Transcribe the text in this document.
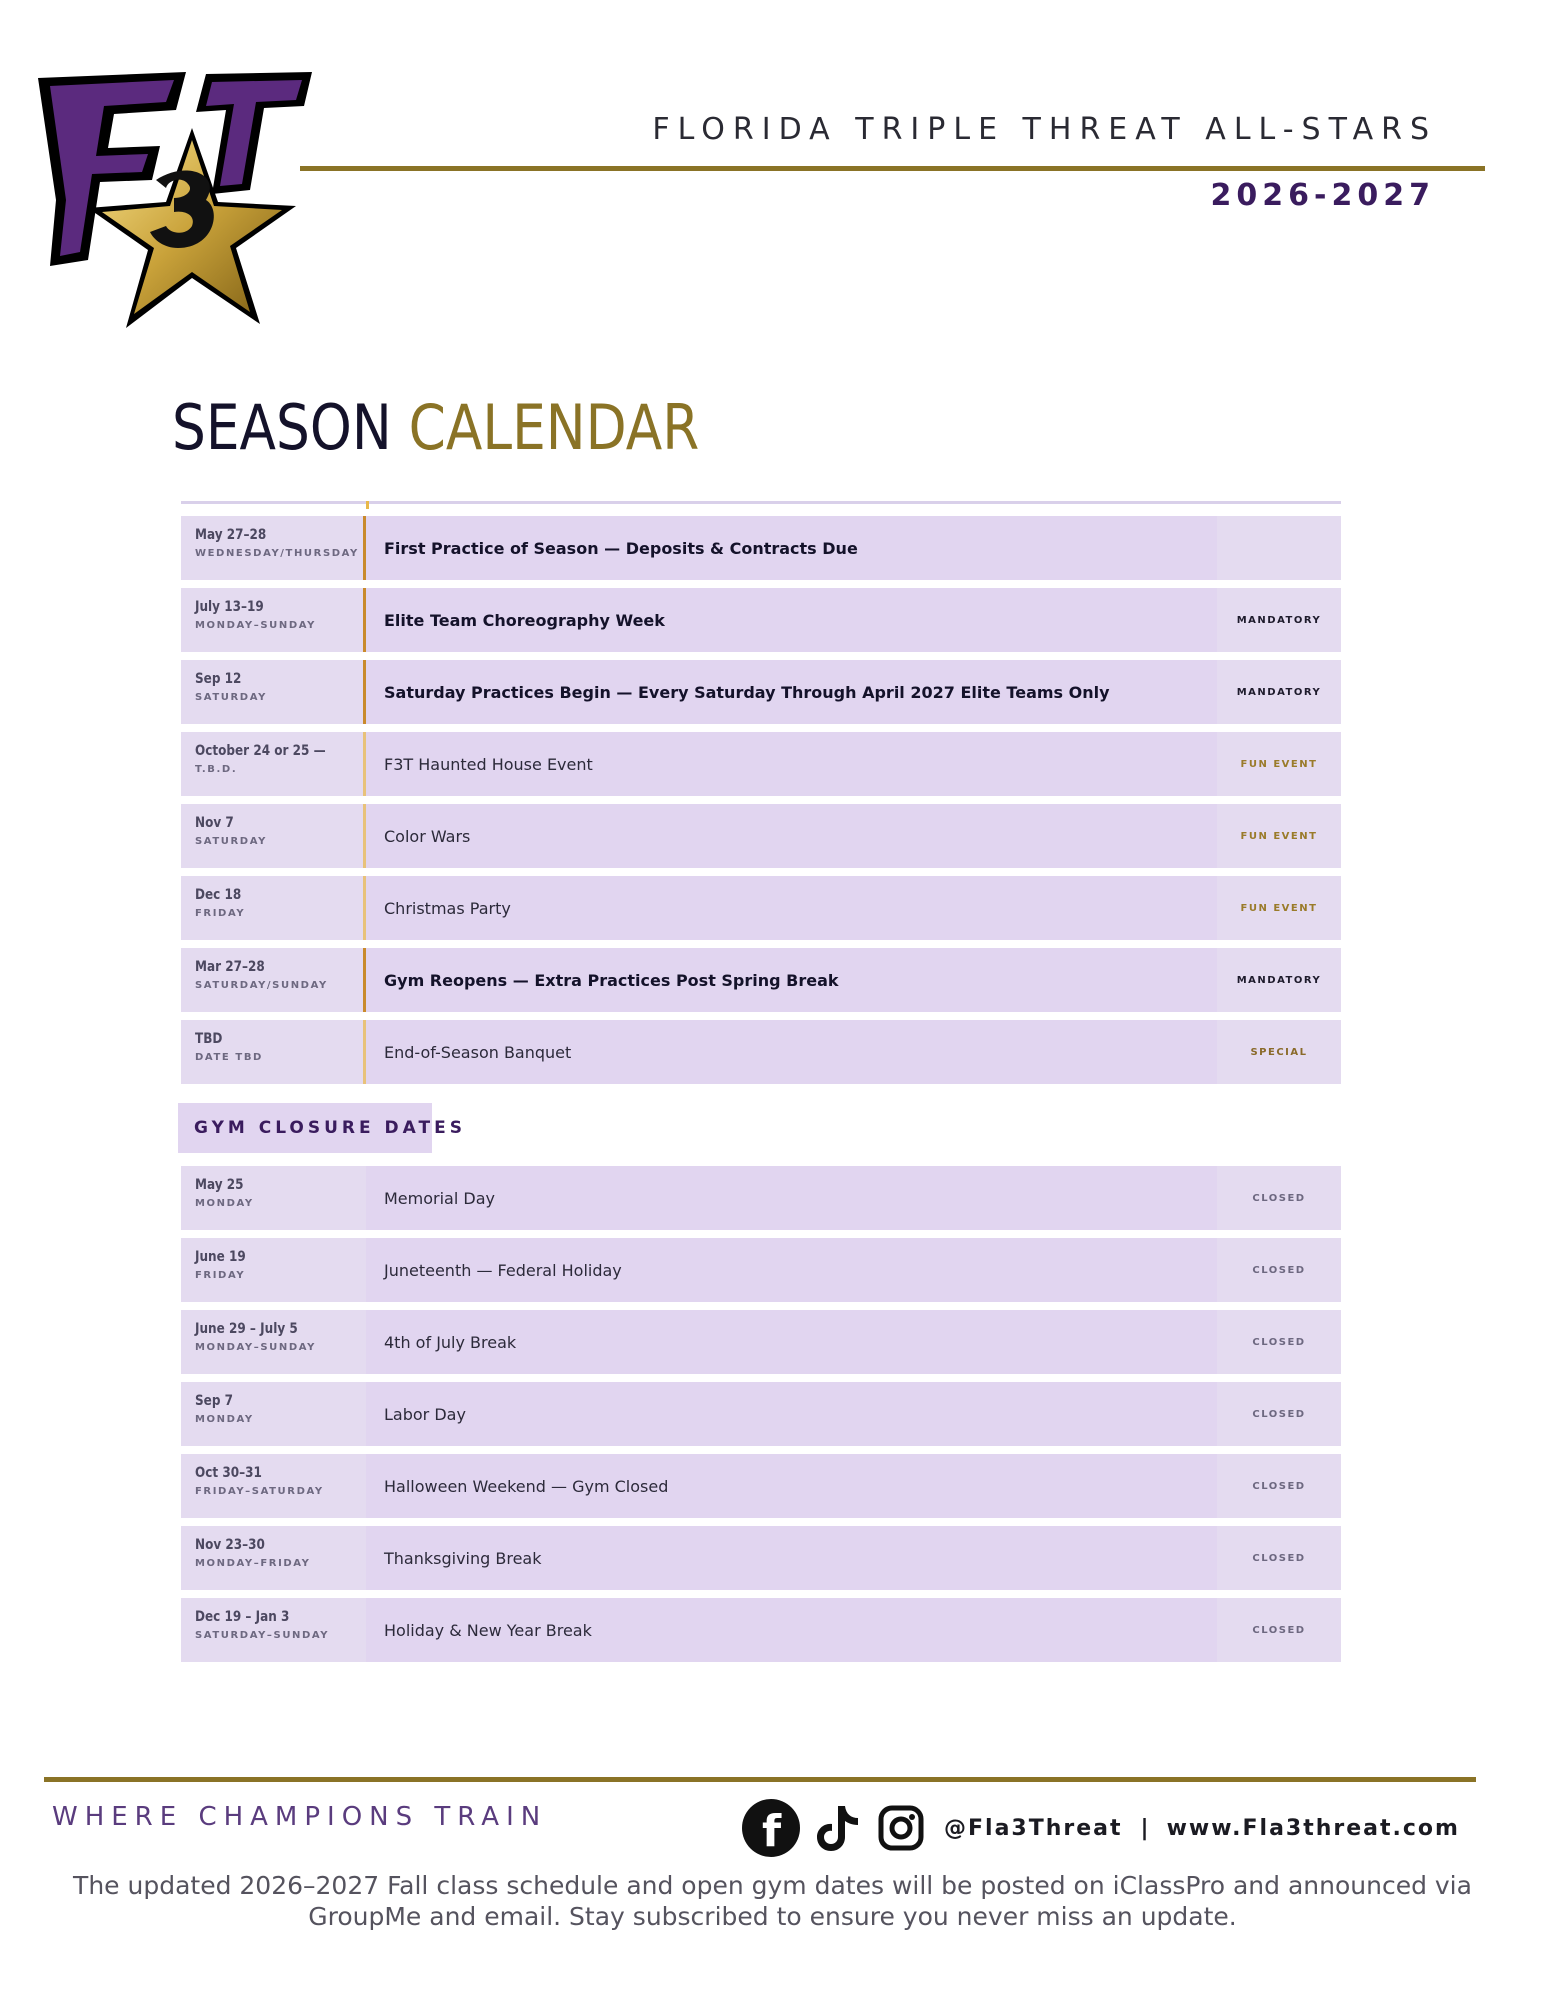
FLORIDA TRIPLE THREAT ALL-STARS
2026-2027
SEASON CALENDAR
May 27–28
WEDNESDAY/THURSDAY	First Practice of Season — Deposits & Contracts Due
July 13–19
MONDAY–SUNDAY	Elite Team Choreography Week	MANDATORY
Sep 12
SATURDAY	Saturday Practices Begin — Every Saturday Through April 2027 Elite Teams Only	MANDATORY
October 24 or 25 —
T.B.D.	F3T Haunted House Event	FUN EVENT
Nov 7
SATURDAY	Color Wars	FUN EVENT
Dec 18
FRIDAY	Christmas Party	FUN EVENT
Mar 27–28
SATURDAY/SUNDAY	Gym Reopens — Extra Practices Post Spring Break	MANDATORY
TBD
DATE TBD	End-of-Season Banquet	SPECIAL
GYM CLOSURE DATES
May 25
MONDAY	Memorial Day	CLOSED
June 19
FRIDAY	Juneteenth — Federal Holiday	CLOSED
June 29 – July 5
MONDAY–SUNDAY	4th of July Break	CLOSED
Sep 7
MONDAY	Labor Day	CLOSED
Oct 30–31
FRIDAY–SATURDAY	Halloween Weekend — Gym Closed	CLOSED
Nov 23–30
MONDAY–FRIDAY	Thanksgiving Break	CLOSED
Dec 19 – Jan 3
SATURDAY–SUNDAY	Holiday & New Year Break	CLOSED
WHERE CHAMPIONS TRAIN	f	@Fla3Threat | www.Fla3threat.com
The updated 2026–2027 Fall class schedule and open gym dates will be posted on iClassPro and announced via GroupMe and email. Stay subscribed to ensure you never miss an update.
